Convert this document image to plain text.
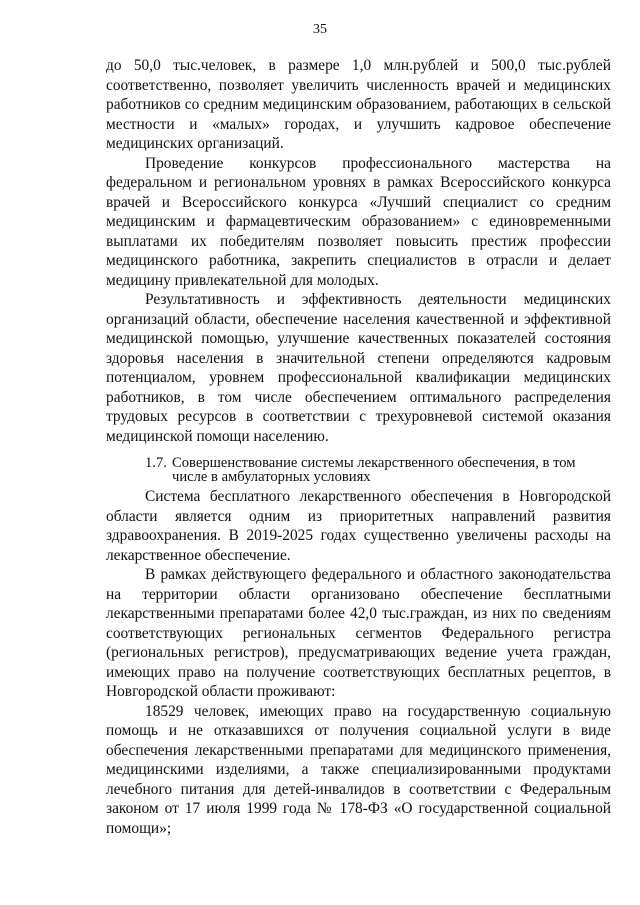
35

до 50,0 тыс.человек, в размере 1,0 млн.рублей и 500,0 тыс.рублей соответственно, позволяет увеличить численность врачей и медицинских работников со средним медицинским образованием, работающих в сельской местности и «малых» городах, и улучшить кадровое обеспечение медицинских организаций.

Проведение конкурсов профессионального мастерства на федеральном и региональном уровнях в рамках Всероссийского конкурса врачей и Всероссийского конкурса «Лучший специалист со средним медицинским и фармацевтическим образованием» с единовременными выплатами их победителям позволяет повысить престиж профессии медицинского работника, закрепить специалистов в отрасли и делает медицину привлекательной для молодых.

Результативность и эффективность деятельности медицинских организаций области, обеспечение населения качественной и эффективной медицинской помощью, улучшение качественных показателей состояния здоровья населения в значительной степени определяются кадровым потенциалом, уровнем профессиональной квалификации медицинских работников, в том числе обеспечением оптимального распределения трудовых ресурсов в соответствии с трехуровневой системой оказания медицинской помощи населению.

1.7. Совершенствование системы лекарственного обеспечения, в том
числе в амбулаторных условиях

Система бесплатного лекарственного обеспечения в Новгородской области является одним из приоритетных направлений развития здравоохранения. В 2019-2025 годах существенно увеличены расходы на лекарственное обеспечение.

В рамках действующего федерального и областного законодательства на территории области организовано обеспечение бесплатными лекарственными препаратами более 42,0 тыс.граждан, из них по сведениям соответствующих региональных сегментов Федерального регистра (региональных регистров), предусматривающих ведение учета граждан, имеющих право на получение соответствующих бесплатных рецептов, в Новгородской области проживают:

18529 человек, имеющих право на государственную социальную помощь и не отказавшихся от получения социальной услуги в виде обеспечения лекарственными препаратами для медицинского применения, медицинскими изделиями, а также специализированными продуктами лечебного питания для детей-инвалидов в соответствии с Федеральным законом от 17 июля 1999 года № 178-ФЗ «О государственной социальной помощи»;
